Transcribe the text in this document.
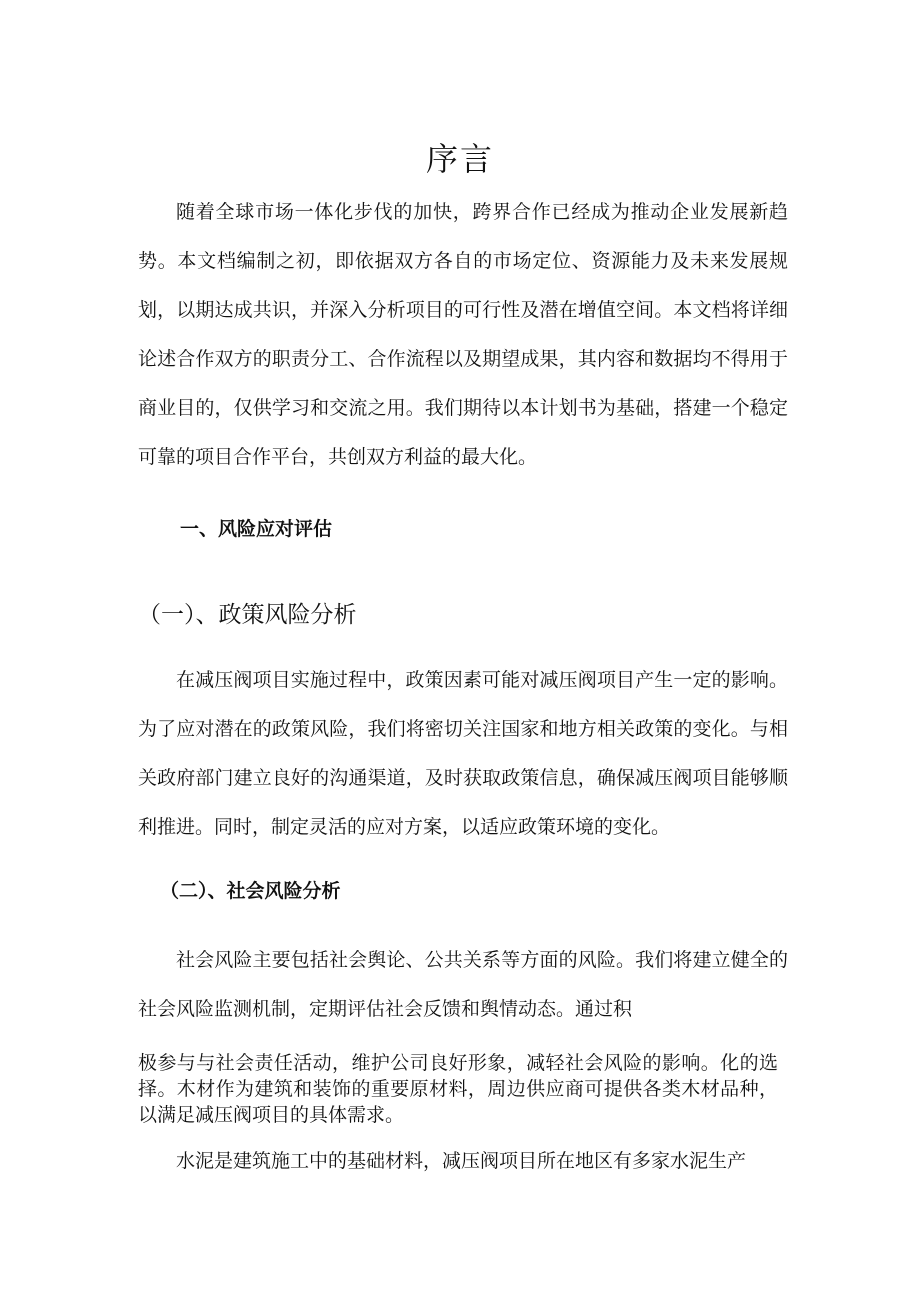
序言

随着全球市场一体化步伐的加快，跨界合作已经成为推动企业发展新趋势。本文档编制之初，即依据双方各自的市场定位、资源能力及未来发展规划，以期达成共识，并深入分析项目的可行性及潜在增值空间。本文档将详细论述合作双方的职责分工、合作流程以及期望成果，其内容和数据均不得用于商业目的，仅供学习和交流之用。我们期待以本计划书为基础，搭建一个稳定可靠的项目合作平台，共创双方利益的最大化。

一、风险应对评估
（一）、政策风险分析

在减压阀项目实施过程中，政策因素可能对减压阀项目产生一定的影响。为了应对潜在的政策风险，我们将密切关注国家和地方相关政策的变化。与相关政府部门建立良好的沟通渠道，及时获取政策信息，确保减压阀项目能够顺利推进。同时，制定灵活的应对方案，以适应政策环境的变化。

（二）、社会风险分析

社会风险主要包括社会舆论、公共关系等方面的风险。我们将建立健全的社会风险监测机制，定期评估社会反馈和舆情动态。通过积

极参与与社会责任活动，维护公司良好形象，减轻社会风险的影响。化的选择。木材作为建筑和装饰的重要原材料，周边供应商可提供各类木材品种，以满足减压阀项目的具体需求。

水泥是建筑施工中的基础材料，减压阀项目所在地区有多家水泥生产
